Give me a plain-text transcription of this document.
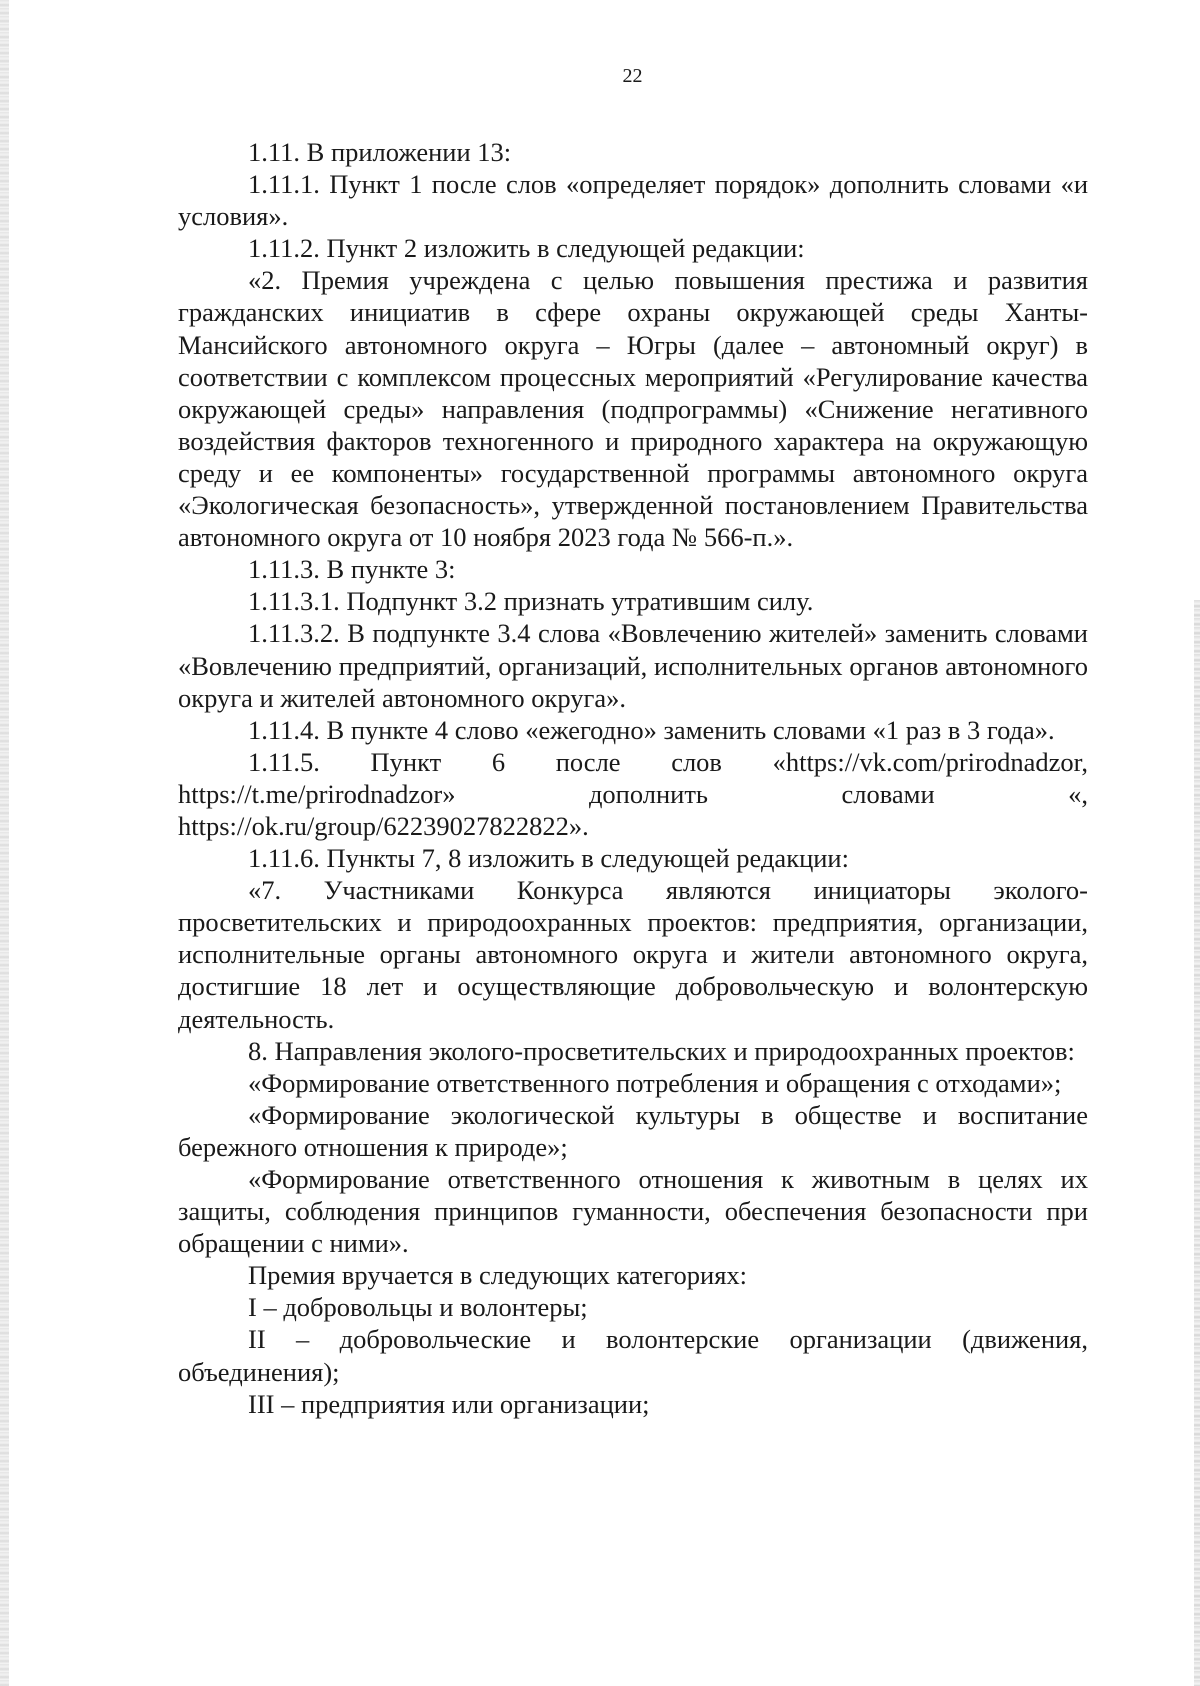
22

1.11. В приложении 13:

1.11.1. Пункт 1 после слов «определяет порядок» дополнить словами «и условия».

1.11.2. Пункт 2 изложить в следующей редакции:

«2. Премия учреждена с целью повышения престижа и развития гражданских инициатив в сфере охраны окружающей среды Ханты-Мансийского автономного округа – Югры (далее – автономный округ) в соответствии с комплексом процессных мероприятий «Регулирование качества окружающей среды» направления (подпрограммы) «Снижение негативного воздействия факторов техногенного и природного характера на окружающую среду и ее компоненты» государственной программы автономного округа «Экологическая безопасность», утвержденной постановлением Правительства автономного округа от 10 ноября 2023 года № 566-п.».

1.11.3. В пункте 3:

1.11.3.1. Подпункт 3.2 признать утратившим силу.

1.11.3.2. В подпункте 3.4 слова «Вовлечению жителей» заменить словами «Вовлечению предприятий, организаций, исполнительных органов автономного округа и жителей автономного округа».

1.11.4. В пункте 4 слово «ежегодно» заменить словами «1 раз в 3 года».

1.11.5. Пункт 6 после слов «https://vk.com/prirodnadzor, https://t.me/prirodnadzor» дополнить словами «, https://ok.ru/group/62239027822822».

1.11.6. Пункты 7, 8 изложить в следующей редакции:

«7. Участниками Конкурса являются инициаторы эколого-просветительских и природоохранных проектов: предприятия, организации, исполнительные органы автономного округа и жители автономного округа, достигшие 18 лет и осуществляющие добровольческую и волонтерскую деятельность.

8. Направления эколого-просветительских и природоохранных проектов:

«Формирование ответственного потребления и обращения с отходами»;

«Формирование экологической культуры в обществе и воспитание бережного отношения к природе»;

«Формирование ответственного отношения к животным в целях их защиты, соблюдения принципов гуманности, обеспечения безопасности при обращении с ними».

Премия вручается в следующих категориях:

I – добровольцы и волонтеры;

II – добровольческие и волонтерские организации (движения, объединения);

III – предприятия или организации;
